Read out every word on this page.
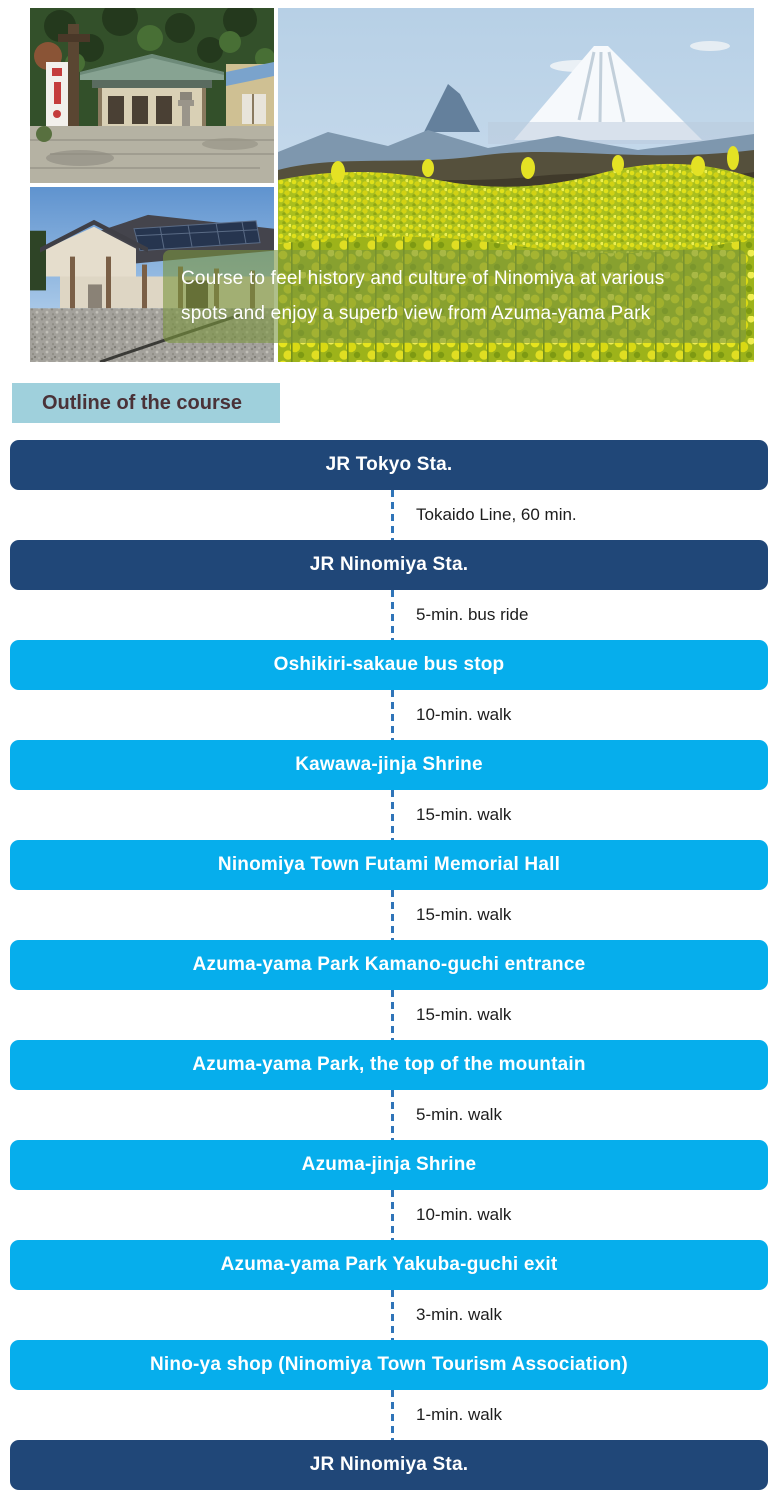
Course to feel history and culture of Ninomiya at various
spots and enjoy a superb view from Azuma-yama Park
Outline of the course
JR Tokyo Sta.
Tokaido Line, 60 min.
JR Ninomiya Sta.
5-min. bus ride
Oshikiri-sakaue bus stop
10-min. walk
Kawawa-jinja Shrine
15-min. walk
Ninomiya Town Futami Memorial Hall
15-min. walk
Azuma-yama Park Kamano-guchi entrance
15-min. walk
Azuma-yama Park, the top of the mountain
5-min. walk
Azuma-jinja Shrine
10-min. walk
Azuma-yama Park Yakuba-guchi exit
3-min. walk
Nino-ya shop (Ninomiya Town Tourism Association)
1-min. walk
JR Ninomiya Sta.
